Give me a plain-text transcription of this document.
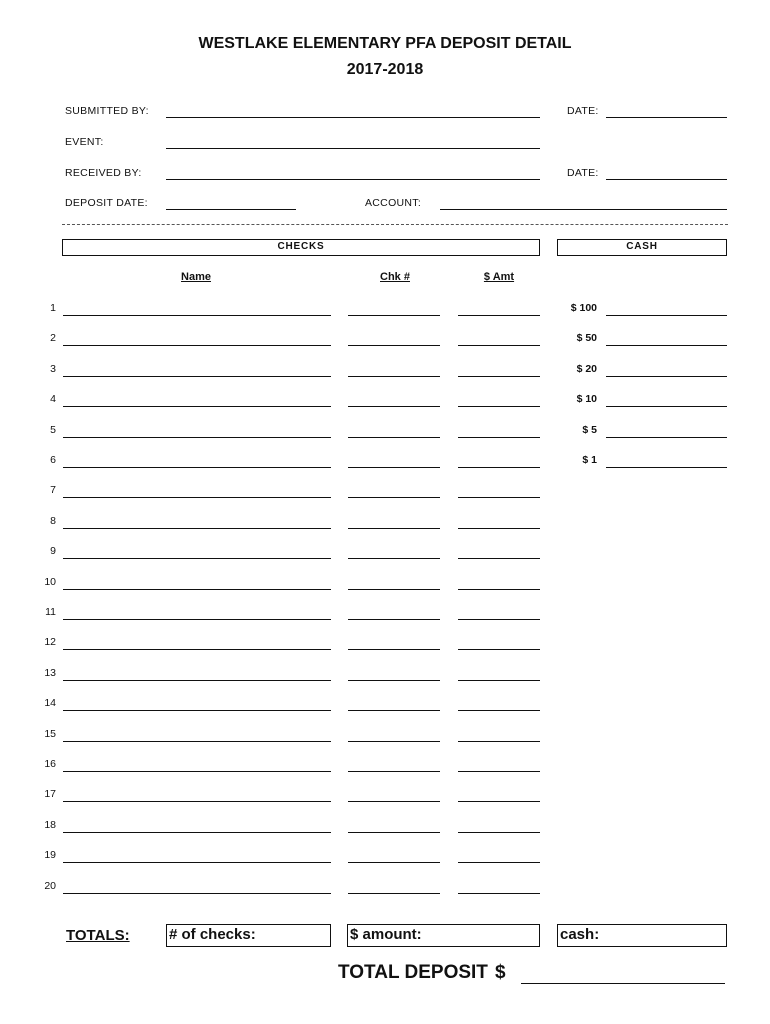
WESTLAKE ELEMENTARY PFA DEPOSIT DETAIL
2017-2018
SUBMITTED BY:	DATE:
EVENT:
RECEIVED BY:	DATE:
DEPOSIT DATE:	ACCOUNT:
CHECKS	CASH
Name	Chk #	$ Amt
1
2
3
4
5
6
7
8
9
10
11
12
13
14
15
16
17
18
19
20
$ 100
$ 50
$ 20
$ 10
$ 5
$ 1
TOTALS:	# of checks:	$ amount:	cash:
TOTAL DEPOSIT $
